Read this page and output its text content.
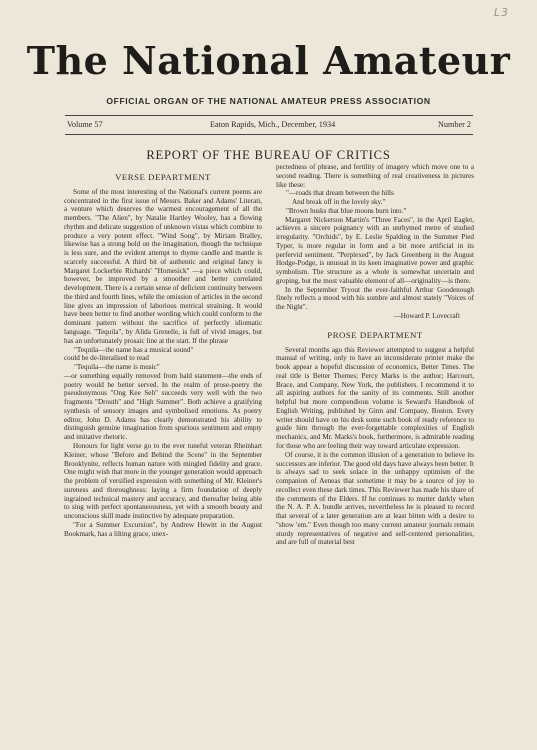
L3
The National Amateur
OFFICIAL ORGAN OF THE NATIONAL AMATEUR PRESS ASSOCIATION
Volume 57	Eaton Rapids, Mich., December, 1934	Number 2
REPORT OF THE BUREAU OF CRITICS
VERSE DEPARTMENT

Some of the most interesting of the National's current poems are concentrated in the first issue of Messrs. Baker and Adams' Literati, a venture which deserves the warmest encouragement of all the members. "The Alien", by Natalie Hartley Wooley, has a flowing rhythm and delicate suggestion of unknown vistas which combine to produce a very potent effect. "Wind Song", by Miriam Bralley, likewise has a strong hold on the imagination, though the technique is less sure, and the evident attempt to rhyme candle and mantle is scarcely successful. A third bit of authentic and original fancy is Margaret Lockerbie Richards' "Homesick" —a piece which could, however, be improved by a smoother and better correlated development. There is a certain sense of deficient continuity between the third and fourth lines, while the omission of articles in the second line gives an impression of laborious metrical straining. It would have been better to find another wording which could conform to the dominant pattern without the sacrifice of perfectly idiomatic language. "Tequila", by Alida Grenelle, is full of vivid images, but has an unfortunately prosaic line at the start. If the phrase

"Tequila—the name has a musical sound"

could be de-literalised to read

"Tequila—the name is music"

—or something equally removed from bald statement—the ends of poetry would be better served. In the realm of prose-poetry the pseudonymous "Ong Kee Seh" succeeds very well with the two fragments "Drouth" and "High Summer". Both achieve a gratifying synthesis of sensory images and symbolised emotions. As poetry editor, John D. Adams has clearly demonstrated his ability to distinguish genuine imagination from spurious sentiment and empty and imitative rhetoric.

Honours for light verse go to the ever tuneful veteran Rheinhart Kleiner, whose "Before and Behind the Scene" in the September Brooklynite, reflects human nature with mingled fidelity and grace. One might wish that more in the younger generation would approach the problem of versified expression with something of Mr. Kleiner's sureness and thoroughness: laying a firm foundation of deeply ingrained technical mastery and accuracy, and thereafter being able to sing with perfect spontaneousness, yet with a smooth beauty and unconscious skill made instinctive by adequate preparation.

"For a Summer Excursion", by Andrew Hewitt in the August Bookmark, has a lilting grace, unex-

pectedness of phrase, and fertility of imagery which move one to a second reading. There is something of real creativeness in pictures like these:

"—roads that dream between the hills

And break off in the lovely sky."

"Brown husks that blue moons burn into."

Margaret Nickerson Martin's "Three Faces", in the April Eaglet, achieves a sincere poignancy with an unrhymed metre of studied irregularity. "Orchids", by E. Leslie Spalding in the Summer Pied Typer, is more regular in form and a bit more artificial in its perfervid sentiment. "Perplexed", by Jack Greenberg in the August Hodge-Podge, is unusual in its keen imaginative power and graphic symbolism. The structure as a whole is somewhat uncertain and groping, but the most valuable element of all—originality—is there.

In the September Tryout the ever-faithful Arthur Goodenough finely reflects a mood with his sombre and almost stately "Voices of the Night".

—Howard P. Lovecraft

PROSE DEPARTMENT

Several months ago this Reviewer attempted to suggest a helpful manual of writing, only to have an inconsiderate printer make the book appear a hopeful discussion of economics, Better Times. The real title is Better Themes; Percy Marks is the author; Harcourt, Brace, and Company, New York, the publishers. I recommend it to all aspiring authors for the sanity of its comments. Still another helpful but more compendious volume is Seward's Handbook of English Writing, published by Ginn and Company, Boston. Every writer should have on his desk some such book of ready reference to guide him through the ever-forgettable complexities of English mechanics, and Mr. Marks's book, furthermore, is admirable reading for those who are feeling their way toward articulate expression.

Of course, it is the common illusion of a generation to believe its successors are inferior. The good old days have always been better. It is always sad to seek solace in the unhappy optimism of the companion of Aeneas that sometime it may be a source of joy to recollect even these dark times. This Reviewer has made his share of the comments of the Elders. If he continues to mutter darkly when the N. A. P. A. bundle arrives, nevertheless he is pleased to record that several of a later generation are at least bitten with a desire to "show 'em." Even though too many current amateur journals remain sturdy representatives of negative and self-centered personalities, and are full of material best
